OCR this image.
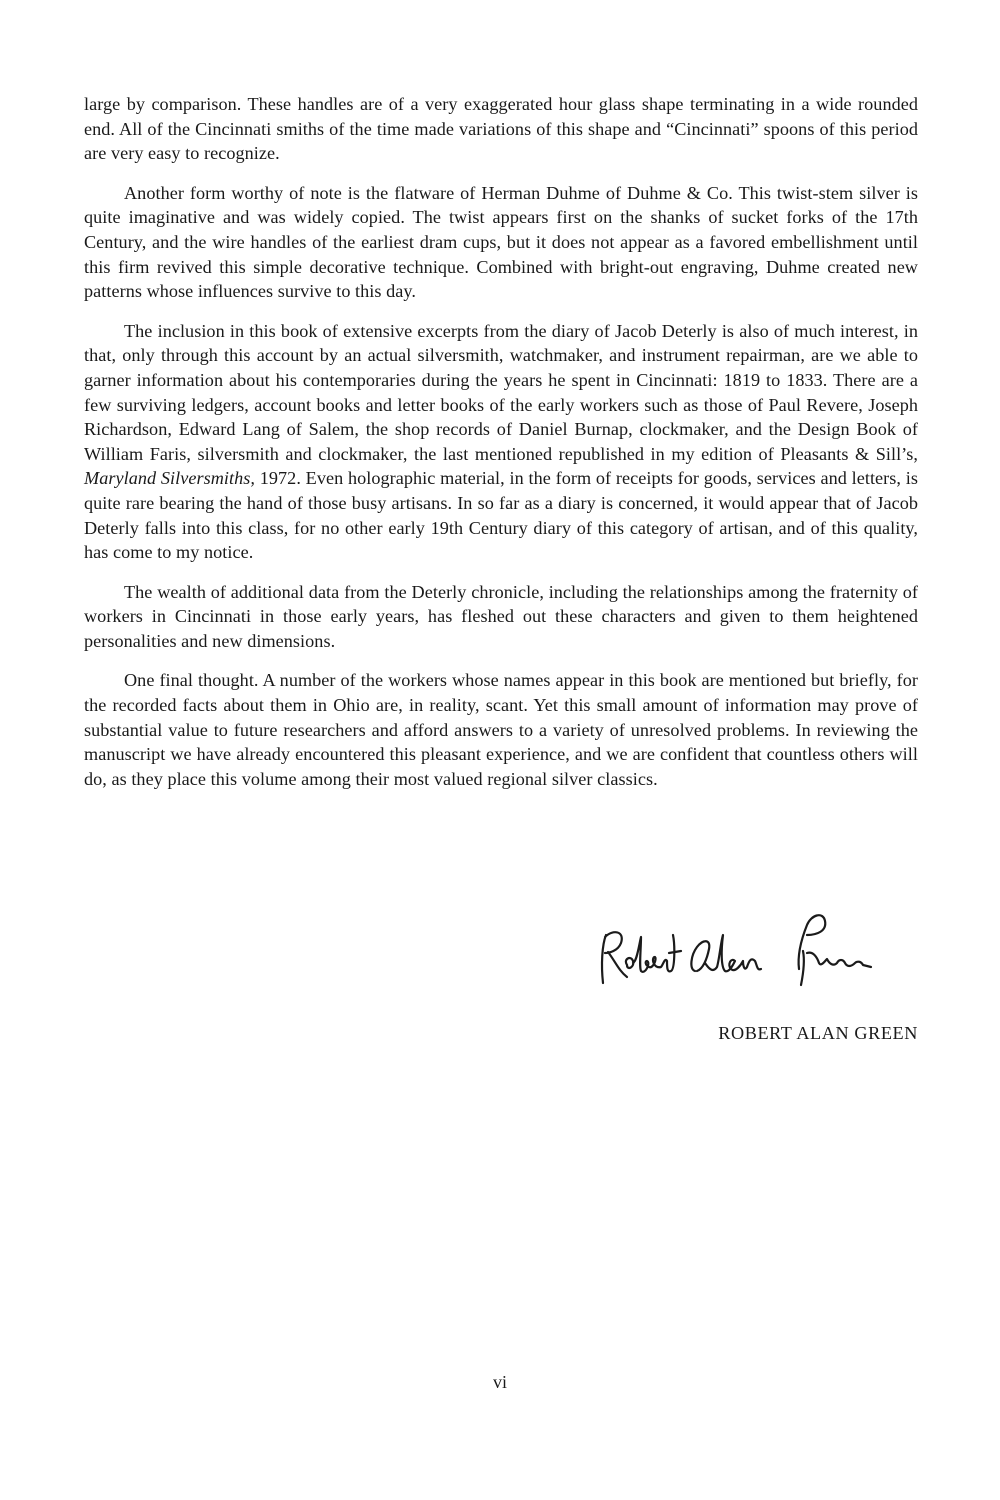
large by comparison. These handles are of a very exaggerated hour glass shape terminating in a wide rounded end. All of the Cincinnati smiths of the time made variations of this shape and “Cincinnati” spoons of this period are very easy to recognize.

Another form worthy of note is the flatware of Herman Duhme of Duhme & Co. This twist-stem silver is quite imaginative and was widely copied. The twist appears first on the shanks of sucket forks of the 17th Century, and the wire handles of the earliest dram cups, but it does not appear as a favored embellishment until this firm revived this simple decorative technique. Combined with bright-out engraving, Duhme created new patterns whose influences survive to this day.

The inclusion in this book of extensive excerpts from the diary of Jacob Deterly is also of much interest, in that, only through this account by an actual silversmith, watchmaker, and instrument repairman, are we able to garner information about his contemporaries during the years he spent in Cincinnati: 1819 to 1833. There are a few surviving ledgers, account books and letter books of the early workers such as those of Paul Revere, Joseph Richardson, Edward Lang of Salem, the shop records of Daniel Burnap, clockmaker, and the Design Book of William Faris, silversmith and clockmaker, the last mentioned republished in my edition of Pleasants & Sill’s, Maryland Silversmiths, 1972. Even holographic material, in the form of receipts for goods, services and letters, is quite rare bearing the hand of those busy artisans. In so far as a diary is concerned, it would appear that of Jacob Deterly falls into this class, for no other early 19th Century diary of this category of artisan, and of this quality, has come to my notice.

The wealth of additional data from the Deterly chronicle, including the relationships among the fraternity of workers in Cincinnati in those early years, has fleshed out these characters and given to them heightened personalities and new dimensions.

One final thought. A number of the workers whose names appear in this book are mentioned but briefly, for the recorded facts about them in Ohio are, in reality, scant. Yet this small amount of information may prove of substantial value to future researchers and afford answers to a variety of unresolved problems. In reviewing the manuscript we have already encountered this pleasant experience, and we are confident that countless others will do, as they place this volume among their most valued regional silver classics.

ROBERT ALAN GREEN

vi
